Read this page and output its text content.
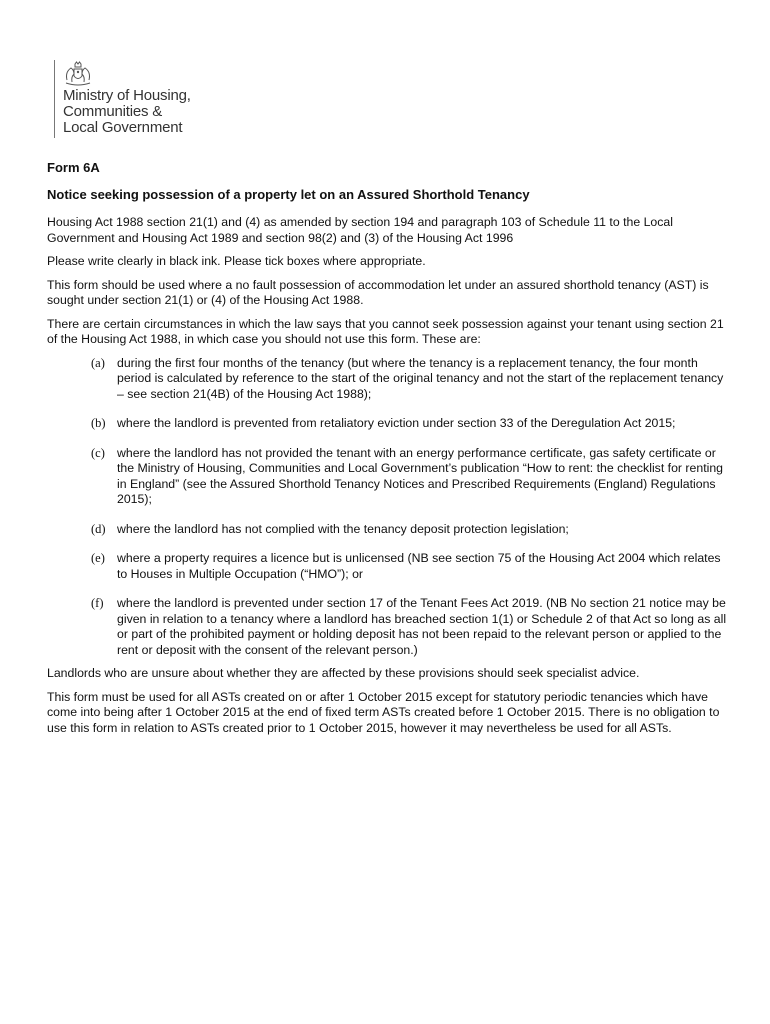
Ministry of Housing,
Communities &
Local Government
Form 6A
Notice seeking possession of a property let on an Assured Shorthold Tenancy

Housing Act 1988 section 21(1) and (4) as amended by section 194 and paragraph 103 of Schedule 11 to the Local Government and Housing Act 1989 and section 98(2) and (3) of the Housing Act 1996

Please write clearly in black ink. Please tick boxes where appropriate.

This form should be used where a no fault possession of accommodation let under an assured shorthold tenancy (AST) is sought under section 21(1) or (4) of the Housing Act 1988.

There are certain circumstances in which the law says that you cannot seek possession against your tenant using section 21 of the Housing Act 1988, in which case you should not use this form. These are:

(a) during the first four months of the tenancy (but where the tenancy is a replacement tenancy, the four month period is calculated by reference to the start of the original tenancy and not the start of the replacement tenancy – see section 21(4B) of the Housing Act 1988);
(b) where the landlord is prevented from retaliatory eviction under section 33 of the Deregulation Act 2015;
(c) where the landlord has not provided the tenant with an energy performance certificate, gas safety certificate or the Ministry of Housing, Communities and Local Government’s publication “How to rent: the checklist for renting in England” (see the Assured Shorthold Tenancy Notices and Prescribed Requirements (England) Regulations 2015);
(d) where the landlord has not complied with the tenancy deposit protection legislation;
(e) where a property requires a licence but is unlicensed (NB see section 75 of the Housing Act 2004 which relates to Houses in Multiple Occupation (“HMO”); or
(f)	where the landlord is prevented under section 17 of the Tenant Fees Act 2019. (NB No section 21 notice may be given in relation to a tenancy where a landlord has breached section 1(1) or Schedule 2 of that Act so long as all or part of the prohibited payment or holding deposit has not been repaid to the relevant person or applied to the rent or deposit with the consent of the relevant person.)

Landlords who are unsure about whether they are affected by these provisions should seek specialist advice.

This form must be used for all ASTs created on or after 1 October 2015 except for statutory periodic tenancies which have come into being after 1 October 2015 at the end of fixed term ASTs created before 1 October 2015. There is no obligation to use this form in relation to ASTs created prior to 1 October 2015, however it may nevertheless be used for all ASTs.
